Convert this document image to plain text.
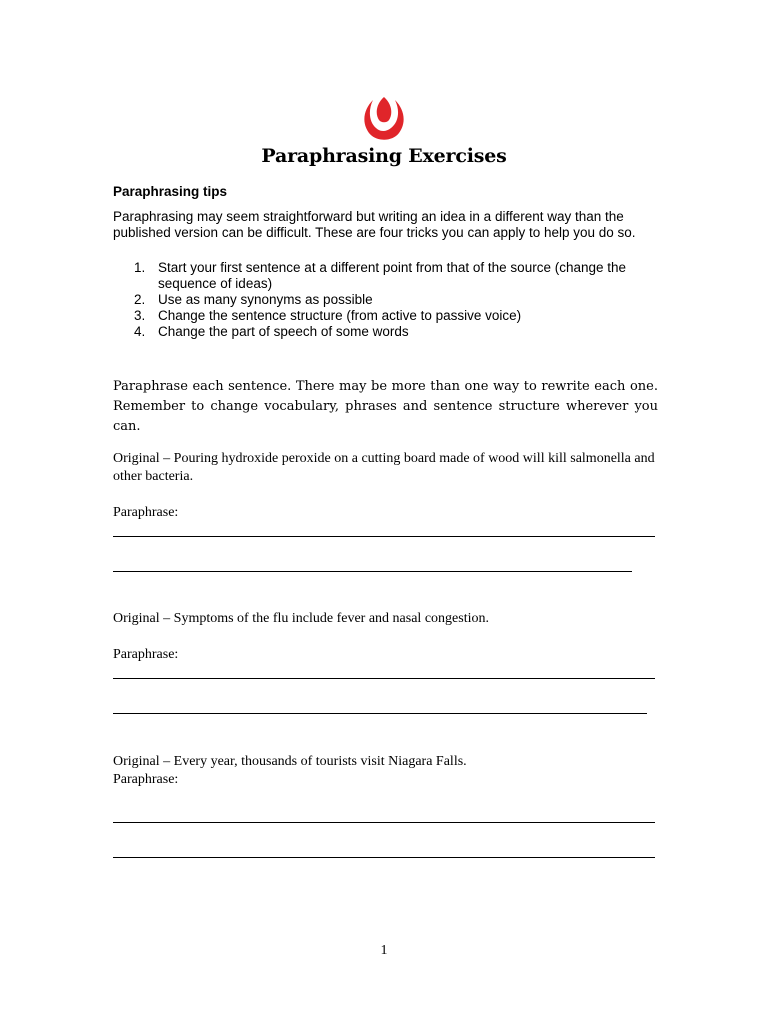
Paraphrasing Exercises
Paraphrasing tips
Paraphrasing may seem straightforward but writing an idea in a different way than the published version can be difficult. These are four tricks you can apply to help you do so.
1. Start your first sentence at a different point from that of the source (change the sequence of ideas)
2. Use as many synonyms as possible
3. Change the sentence structure (from active to passive voice)
4. Change the part of speech of some words
Paraphrase each sentence. There may be more than one way to rewrite each one. Remember to change vocabulary, phrases and sentence structure wherever you can.
Original – Pouring hydroxide peroxide on a cutting board made of wood will kill salmonella and other bacteria.
Paraphrase:
Original – Symptoms of the flu include fever and nasal congestion.
Paraphrase:
Original – Every year, thousands of tourists visit Niagara Falls.
Paraphrase:
1
